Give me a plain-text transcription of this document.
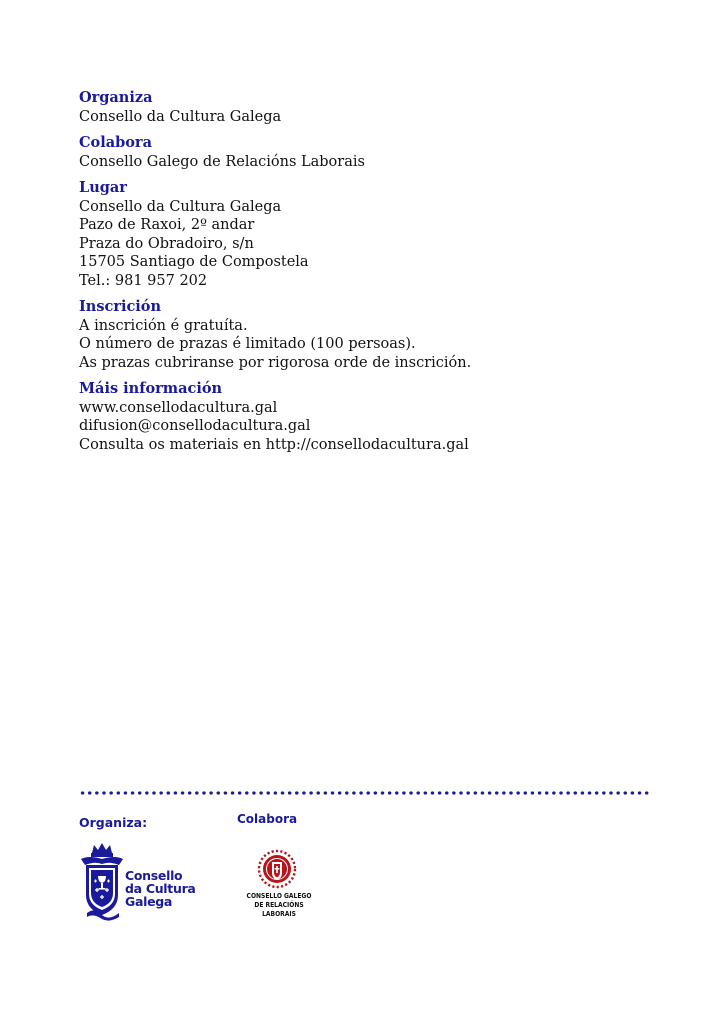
Organiza
Consello da Cultura Galega
Colabora
Consello Galego de Relacións Laborais
Lugar
Consello da Cultura Galega
Pazo de Raxoi, 2º andar
Praza do Obradoiro, s/n
15705 Santiago de Compostela
Tel.: 981 957 202
Inscrición
A inscrición é gratuíta.
O número de prazas é limitado (100 persoas).
As prazas cubriranse por rigorosa orde de inscrición.
Máis información
www.consellodacultura.gal
difusion@consellodacultura.gal
Consulta os materiais en http://consellodacultura.gal
Organiza:	Colabora
Consello
da Cultura
Galega	CONSELLO GALEGO
DE RELACIÓNS LABORAIS
